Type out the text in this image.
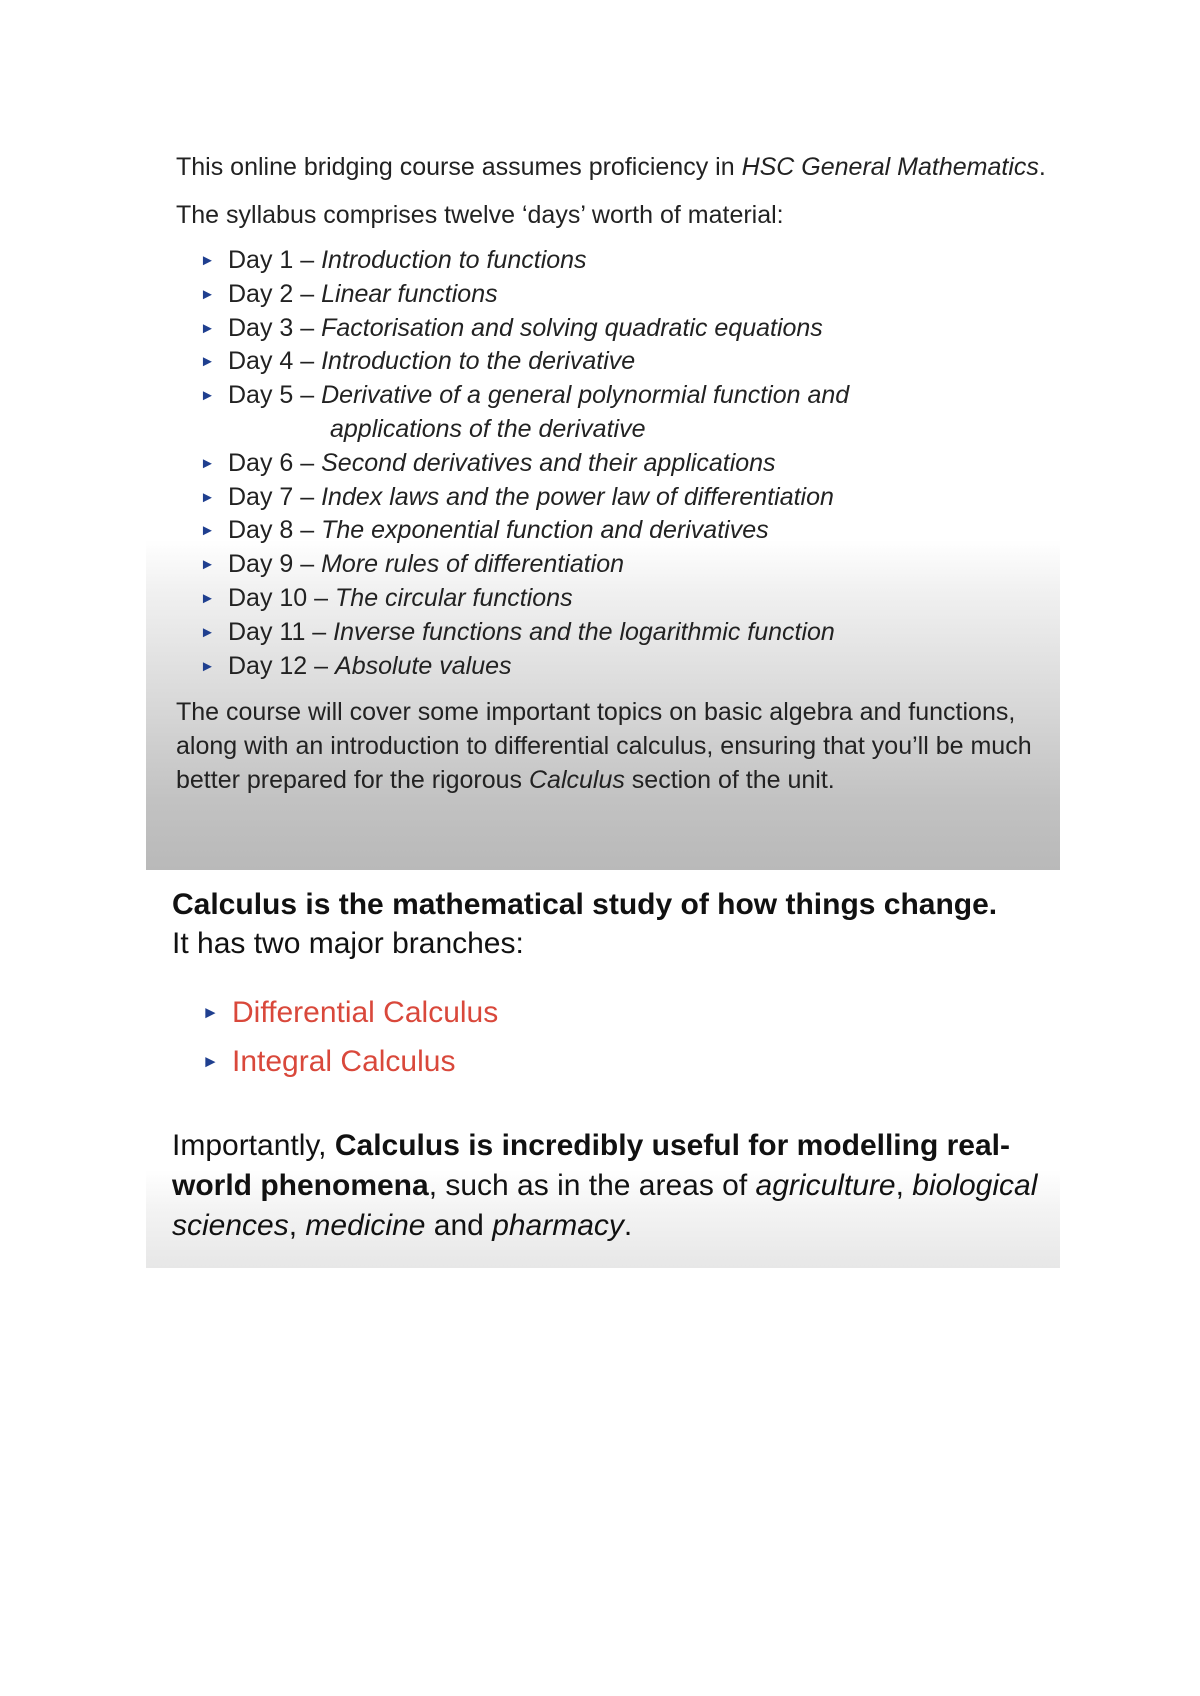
This online bridging course assumes proficiency in HSC General Mathematics.

The syllabus comprises twelve ‘days’ worth of material:

► Day 1 – Introduction to functions
► Day 2 – Linear functions
► Day 3 – Factorisation and solving quadratic equations
► Day 4 – Introduction to the derivative
► Day 5 – Derivative of a general polynormial function and
applications of the derivative
► Day 6 – Second derivatives and their applications
► Day 7 – Index laws and the power law of differentiation
► Day 8 – The exponential function and derivatives
► Day 9 – More rules of differentiation
► Day 10 – The circular functions
► Day 11 – Inverse functions and the logarithmic function
► Day 12 – Absolute values

The course will cover some important topics on basic algebra and functions, along with an introduction to differential calculus, ensuring that you’ll be much better prepared for the rigorous Calculus section of the unit.

Calculus is the mathematical study of how things change.

It has two major branches:

► Differential Calculus
► Integral Calculus

Importantly, Calculus is incredibly useful for modelling real-world phenomena, such as in the areas of agriculture, biological sciences, medicine and pharmacy.
